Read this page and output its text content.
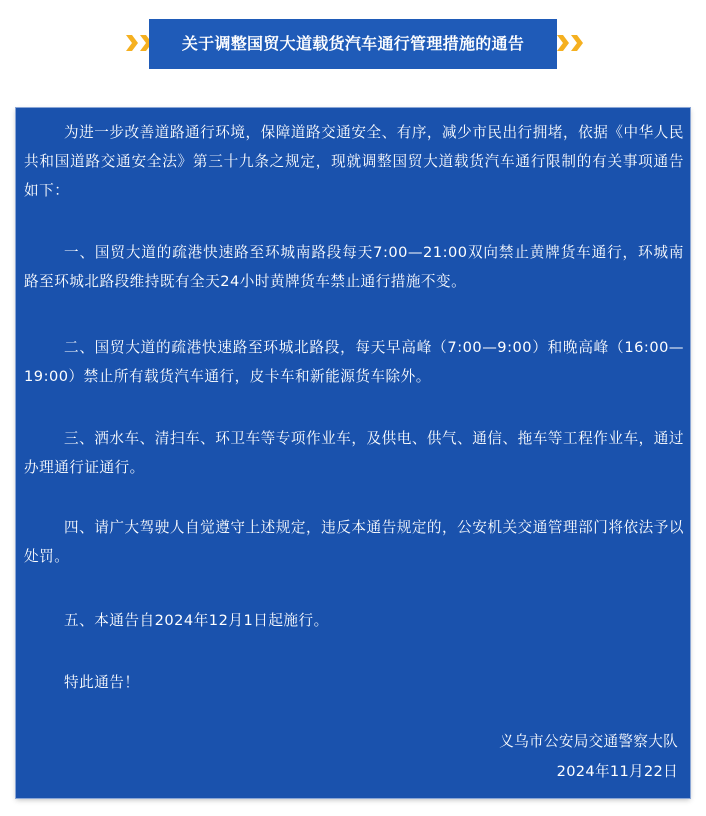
关于调整国贸大道载货汽车通行管理措施的通告

为进一步改善道路通行环境，保障道路交通安全、有序，减少市民出行拥堵，依据《中华人民共和国道路交通安全法》第三十九条之规定，现就调整国贸大道载货汽车通行限制的有关事项通告如下：

一、国贸大道的疏港快速路至环城南路段每天7:00—21:00双向禁止黄牌货车通行，环城南路至环城北路段维持既有全天24小时黄牌货车禁止通行措施不变。

二、国贸大道的疏港快速路至环城北路段，每天早高峰（7:00—9:00）和晚高峰（16:00—19:00）禁止所有载货汽车通行，皮卡车和新能源货车除外。

三、洒水车、清扫车、环卫车等专项作业车，及供电、供气、通信、拖车等工程作业车，通过办理通行证通行。

四、请广大驾驶人自觉遵守上述规定，违反本通告规定的，公安机关交通管理部门将依法予以处罚。

五、本通告自2024年12月1日起施行。

特此通告！

义乌市公安局交通警察大队
2024年11月22日
